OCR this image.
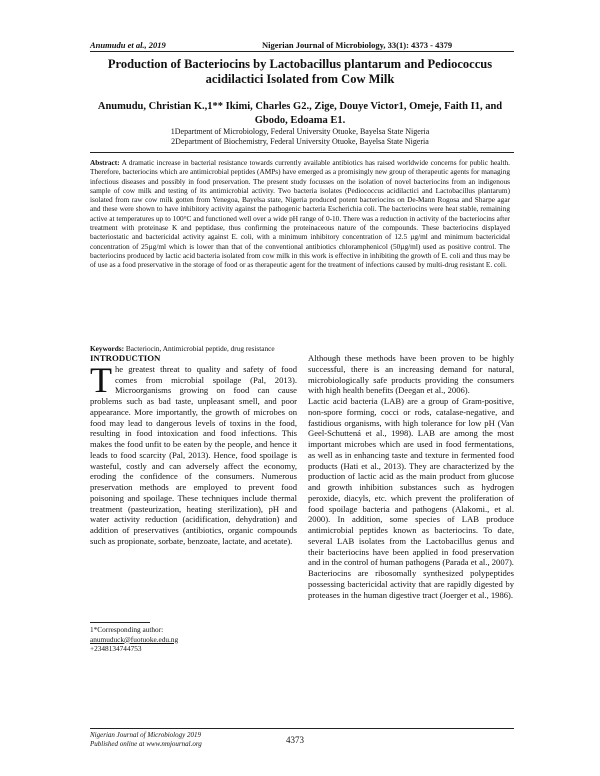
Anumudu et al., 2019	Nigerian Journal of Microbiology, 33(1): 4373 - 4379
Production of Bacteriocins by Lactobacillus plantarum and Pediococcus acidilactici Isolated from Cow Milk
Anumudu, Christian K.,1** Ikimi, Charles G2., Zige, Douye Victor1, Omeje, Faith I1, and Gbodo, Edoama E1.
1Department of Microbiology, Federal University Otuoke, Bayelsa State Nigeria
2Department of Biochemistry, Federal University Otuoke, Bayelsa State Nigeria
Abstract: A dramatic increase in bacterial resistance towards currently available antibiotics has raised worldwide concerns for public health. Therefore, bacteriocins which are antimicrobial peptides (AMPs) have emerged as a promisingly new group of therapeutic agents for managing infectious diseases and possibly in food preservation. The present study focusses on the isolation of novel bacteriocins from an indigenous sample of cow milk and testing of its antimicrobial activity. Two bacteria isolates (Pediococcus acidilactici and Lactobacillus plantarum) isolated from raw cow milk gotten from Yenegoa, Bayelsa state, Nigeria produced potent bacteriocins on De-Mann Rogosa and Sharpe agar and these were shown to have inhibitory activity against the pathogenic bacteria Escherichia coli. The bacteriocins were heat stable, remaining active at temperatures up to 100°C and functioned well over a wide pH range of 0-10. There was a reduction in activity of the bacteriocins after treatment with proteinase K and peptidase, thus confirming the proteinaceous nature of the compounds. These bacteriocins displayed bacteriostatic and bactericidal activity against E. coli, with a minimum inhibitory concentration of 12.5 µg/ml and minimum bactericidal concentration of 25µg/ml which is lower than that of the conventional antibiotics chloramphenicol (50µg/ml) used as positive control. The bacteriocins produced by lactic acid bacteria isolated from cow milk in this work is effective in inhibiting the growth of E. coli and thus may be of use as a food preservative in the storage of food or as therapeutic agent for the treatment of infections caused by multi-drug resistant E. coli.
Keywords: Bacteriocin, Antimicrobial peptide, drug resistance
INTRODUCTION

The greatest threat to quality and safety of food comes from microbial spoilage (Pal, 2013). Microorganisms growing on food can cause problems such as bad taste, unpleasant smell, and poor appearance. More importantly, the growth of microbes on food may lead to dangerous levels of toxins in the food, resulting in food intoxication and food infections. This makes the food unfit to be eaten by the people, and hence it leads to food scarcity (Pal, 2013). Hence, food spoilage is wasteful, costly and can adversely affect the economy, eroding the confidence of the consumers. Numerous preservation methods are employed to prevent food poisoning and spoilage. These techniques include thermal treatment (pasteurization, heating sterilization), pH and water activity reduction (acidification, dehydration) and addition of preservatives (antibiotics, organic compounds such as propionate, sorbate, benzoate, lactate, and acetate).

Although these methods have been proven to be highly successful, there is an increasing demand for natural, microbiologically safe products providing the consumers with high health benefits (Deegan et al., 2006).

Lactic acid bacteria (LAB) are a group of Gram-positive, non-spore forming, cocci or rods, catalase-negative, and fastidious organisms, with high tolerance for low pH (Van Geel-Schuttená et al., 1998). LAB are among the most important microbes which are used in food fermentations, as well as in enhancing taste and texture in fermented food products (Hati et al., 2013). They are characterized by the production of lactic acid as the main product from glucose and growth inhibition substances such as hydrogen peroxide, diacyls, etc. which prevent the proliferation of food spoilage bacteria and pathogens (Alakomi., et al. 2000). In addition, some species of LAB produce antimicrobial peptides known as bacteriocins. To date, several LAB isolates from the Lactobacillus genus and their bacteriocins have been applied in food preservation and in the control of human pathogens (Parada et al., 2007).

Bacteriocins are ribosomally synthesized polypeptides possessing bactericidal activity that are rapidly digested by proteases in the human digestive tract (Joerger et al., 1986).

1*Corresponding author:
anumuduck@fuotuoke.edu.ng
+2348134744753
Nigerian Journal of Microbiology 2019
Published online at www.nmjournal.org	4373
